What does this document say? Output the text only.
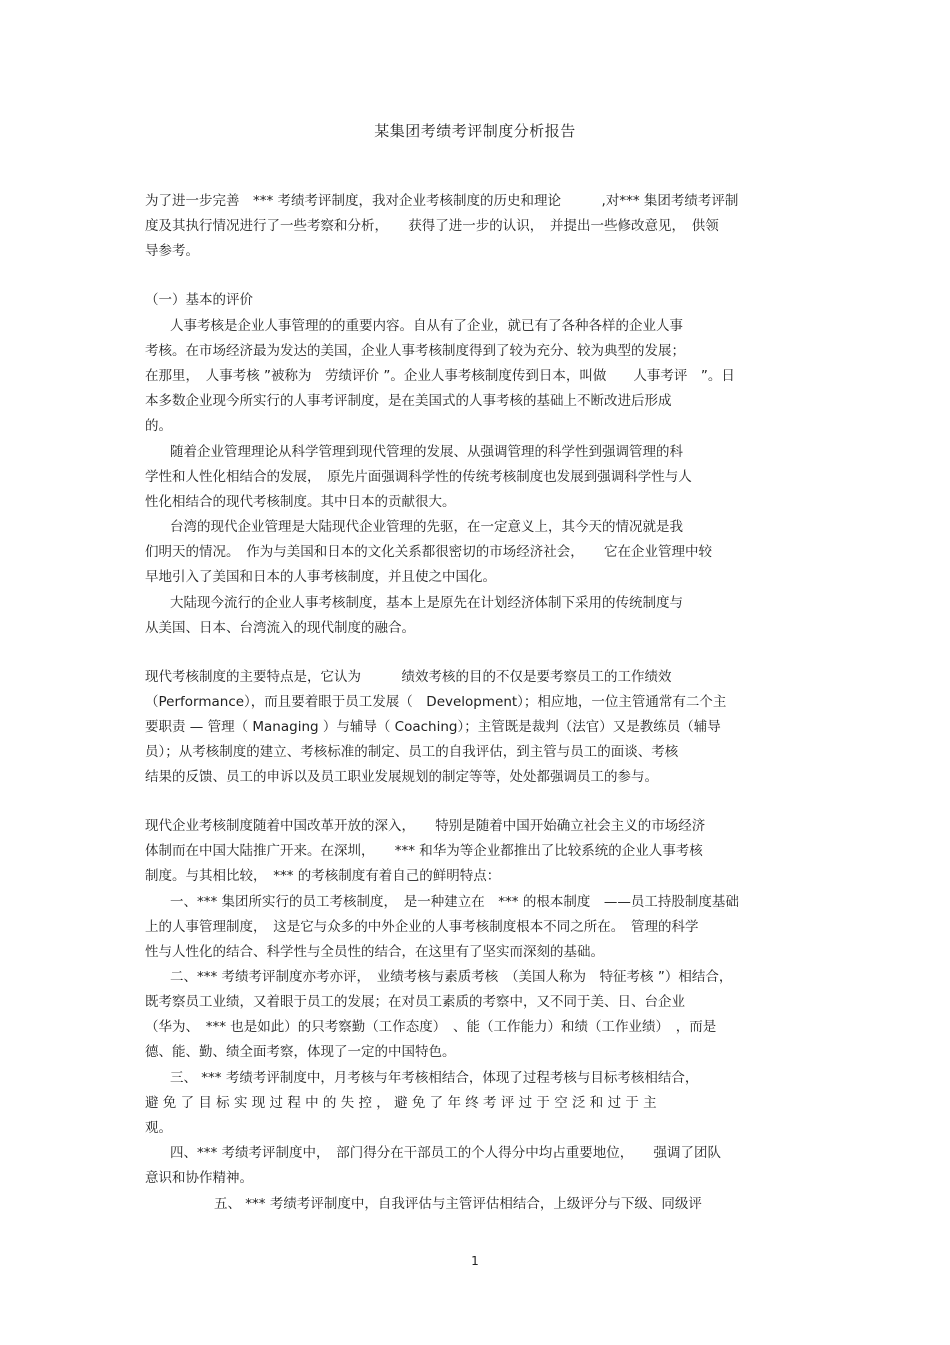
某集团考绩考评制度分析报告
为了进一步完善　*** 考绩考评制度，我对企业考核制度的历史和理论　　　,对*** 集团考绩考评制
度及其执行情况进行了一些考察和分析，　　获得了进一步的认识，　并提出一些修改意见，　供领
导参考。
（一）基本的评价
人事考核是企业人事管理的的重要内容。自从有了企业，就已有了各种各样的企业人事
考核。在市场经济最为发达的美国，企业人事考核制度得到了较为充分、较为典型的发展；
在那里，　人事考核 ”被称为　劳绩评价 ”。企业人事考核制度传到日本，叫做　　人事考评　”。日
本多数企业现今所实行的人事考评制度，是在美国式的人事考核的基础上不断改进后形成
的。
随着企业管理理论从科学管理到现代管理的发展、从强调管理的科学性到强调管理的科
学性和人性化相结合的发展，　原先片面强调科学性的传统考核制度也发展到强调科学性与人
性化相结合的现代考核制度。其中日本的贡献很大。
台湾的现代企业管理是大陆现代企业管理的先驱，在一定意义上，其今天的情况就是我
们明天的情况。　作为与美国和日本的文化关系都很密切的市场经济社会，　　它在企业管理中较
早地引入了美国和日本的人事考核制度，并且使之中国化。
大陆现今流行的企业人事考核制度，基本上是原先在计划经济体制下采用的传统制度与
从美国、日本、台湾流入的现代制度的融合。
现代考核制度的主要特点是，它认为　　　绩效考核的目的不仅是要考察员工的工作绩效
（Performance），而且要着眼于员工发展（　Development）；相应地，一位主管通常有二个主
要职责 — 管理（ Managing ）与辅导（ Coaching）；主管既是裁判（法官）又是教练员（辅导
员）；从考核制度的建立、考核标准的制定、员工的自我评估，到主管与员工的面谈、考核
结果的反馈、员工的申诉以及员工职业发展规划的制定等等，处处都强调员工的参与。
现代企业考核制度随着中国改革开放的深入，　　特别是随着中国开始确立社会主义的市场经济
体制而在中国大陆推广开来。在深圳，　　*** 和华为等企业都推出了比较系统的企业人事考核
制度。与其相比较，　*** 的考核制度有着自己的鲜明特点：
一、*** 集团所实行的员工考核制度，　是一种建立在　*** 的根本制度　——员工持股制度基础
上的人事管理制度，　这是它与众多的中外企业的人事考核制度根本不同之所在。　管理的科学
性与人性化的结合、科学性与全员性的结合，在这里有了坚实而深刻的基础。
二、*** 考绩考评制度亦考亦评，　业绩考核与素质考核　（美国人称为　特征考核 ”）相结合，
既考察员工业绩，又着眼于员工的发展；在对员工素质的考察中，又不同于美、日、台企业
（华为、　*** 也是如此）的只考察勤（工作态度）　、能（工作能力）和绩（工作业绩）　，而是
德、能、勤、绩全面考察，体现了一定的中国特色。
三、 *** 考绩考评制度中，月考核与年考核相结合，体现了过程考核与目标考核相结合，
避 免 了 目 标 实 现 过 程 中 的 失 控 ， 避 免 了 年 终 考 评 过 于 空 泛 和 过 于 主
观。
四、*** 考绩考评制度中，　部门得分在干部员工的个人得分中均占重要地位，　　强调了团队
意识和协作精神。
五、 *** 考绩考评制度中，自我评估与主管评估相结合，上级评分与下级、同级评
1
